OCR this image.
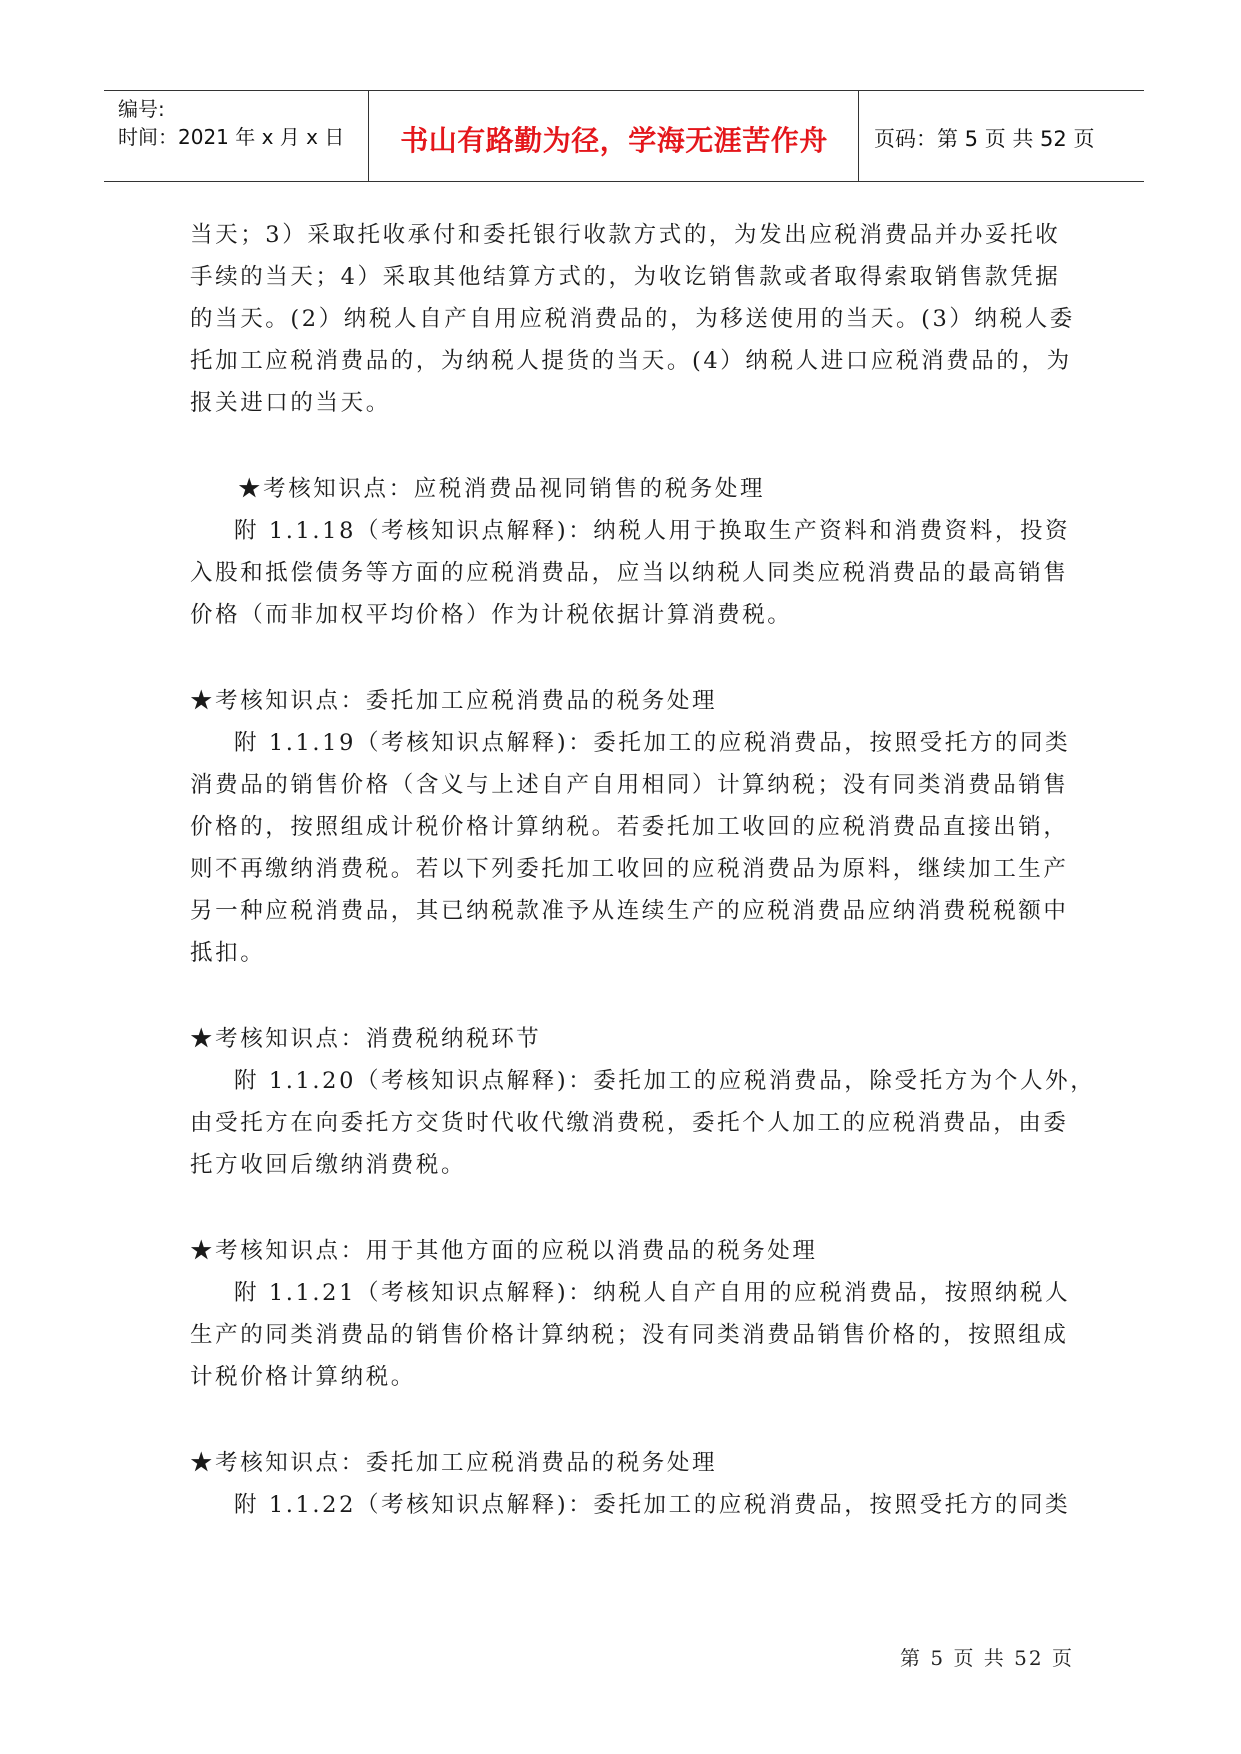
编号:
时间：2021 年 x 月 x 日	书山有路勤为径，学海无涯苦作舟	页码：第 5 页 共 52 页
当天；3）采取托收承付和委托银行收款方式的，为发出应税消费品并办妥托收
手续的当天；4）采取其他结算方式的，为收讫销售款或者取得索取销售款凭据
的当天。(2）纳税人自产自用应税消费品的，为移送使用的当天。(3）纳税人委
托加工应税消费品的，为纳税人提货的当天。(4）纳税人进口应税消费品的，为
报关进口的当天。
★考核知识点：应税消费品视同销售的税务处理
附 1.1.18（考核知识点解释)：纳税人用于换取生产资料和消费资料，投资
入股和抵偿债务等方面的应税消费品，应当以纳税人同类应税消费品的最高销售
价格（而非加权平均价格）作为计税依据计算消费税。
★考核知识点：委托加工应税消费品的税务处理
附 1.1.19（考核知识点解释)：委托加工的应税消费品，按照受托方的同类
消费品的销售价格（含义与上述自产自用相同）计算纳税；没有同类消费品销售
价格的，按照组成计税价格计算纳税。若委托加工收回的应税消费品直接出销，
则不再缴纳消费税。若以下列委托加工收回的应税消费品为原料，继续加工生产
另一种应税消费品，其已纳税款准予从连续生产的应税消费品应纳消费税税额中
抵扣。
★考核知识点：消费税纳税环节
附 1.1.20（考核知识点解释)：委托加工的应税消费品，除受托方为个人外，
由受托方在向委托方交货时代收代缴消费税，委托个人加工的应税消费品，由委
托方收回后缴纳消费税。
★考核知识点：用于其他方面的应税以消费品的税务处理
附 1.1.21（考核知识点解释)：纳税人自产自用的应税消费品，按照纳税人
生产的同类消费品的销售价格计算纳税；没有同类消费品销售价格的，按照组成
计税价格计算纳税。
★考核知识点：委托加工应税消费品的税务处理
附 1.1.22（考核知识点解释)：委托加工的应税消费品，按照受托方的同类
第 5 页 共 52 页
